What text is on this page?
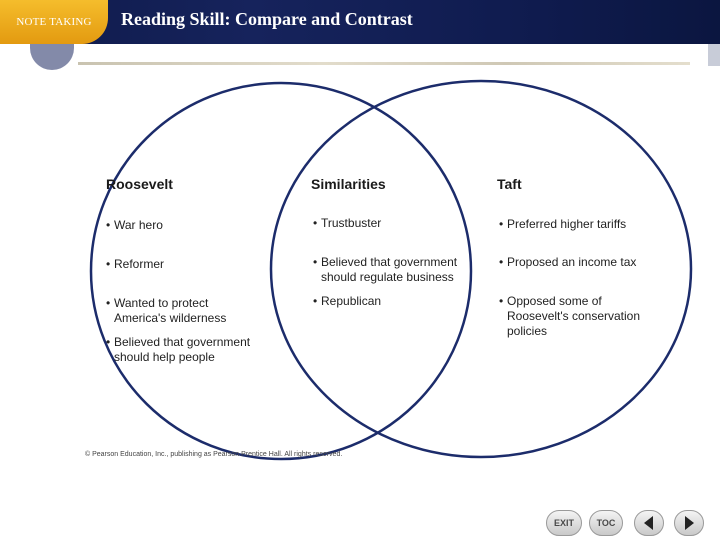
NOTE TAKING	Reading Skill: Compare and Contrast
Roosevelt
• War hero
• Reformer
• Wanted to protect
America's wilderness
• Believed that government
should help people
Similarities
• Trustbuster
• Believed that government
should regulate business
• Republican
Taft
• Preferred higher tariffs
• Proposed an income tax
• Opposed some of
Roosevelt's conservation
policies
© Pearson Education, Inc., publishing as Pearson Prentice Hall. All rights reserved.
EXIT	TOC
